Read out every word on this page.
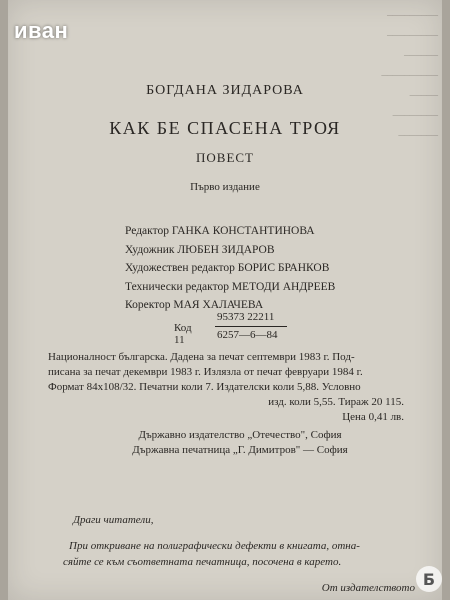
─────────
─────────
──────
──────────
─────
────────
───────
БОГДАНА ЗИДАРОВА
КАК БЕ СПАСЕНА ТРОЯ
ПОВЕСТ
Първо издание
Редактор ГАНКА КОНСТАНТИНОВА
Художник ЛЮБЕН ЗИДАРОВ
Художествен редактор БОРИС БРАНКОВ
Технически редактор МЕТОДИ АНДРЕЕВ
Коректор МАЯ ХАЛАЧЕВА
Код 11
95373 22211
6257—6—84
Националност българска. Дадена за печат септември 1983 г. Под-
писана за печат декември 1983 г. Излязла от печат февруари 1984 г.
Формат 84x108/32. Печатни коли 7. Издателски коли 5,88. Условно
изд. коли 5,55. Тираж 20 115.
Цена 0,41 лв.
Държавно издателство „Отечество", София
Държавна печатница „Г. Димитров" — София
Драги читатели,
При откриване на полиграфически дефекти в книгата, отна-
сяйте се към съответната печатница, посочена в карето.
От издателството
иван
Б
